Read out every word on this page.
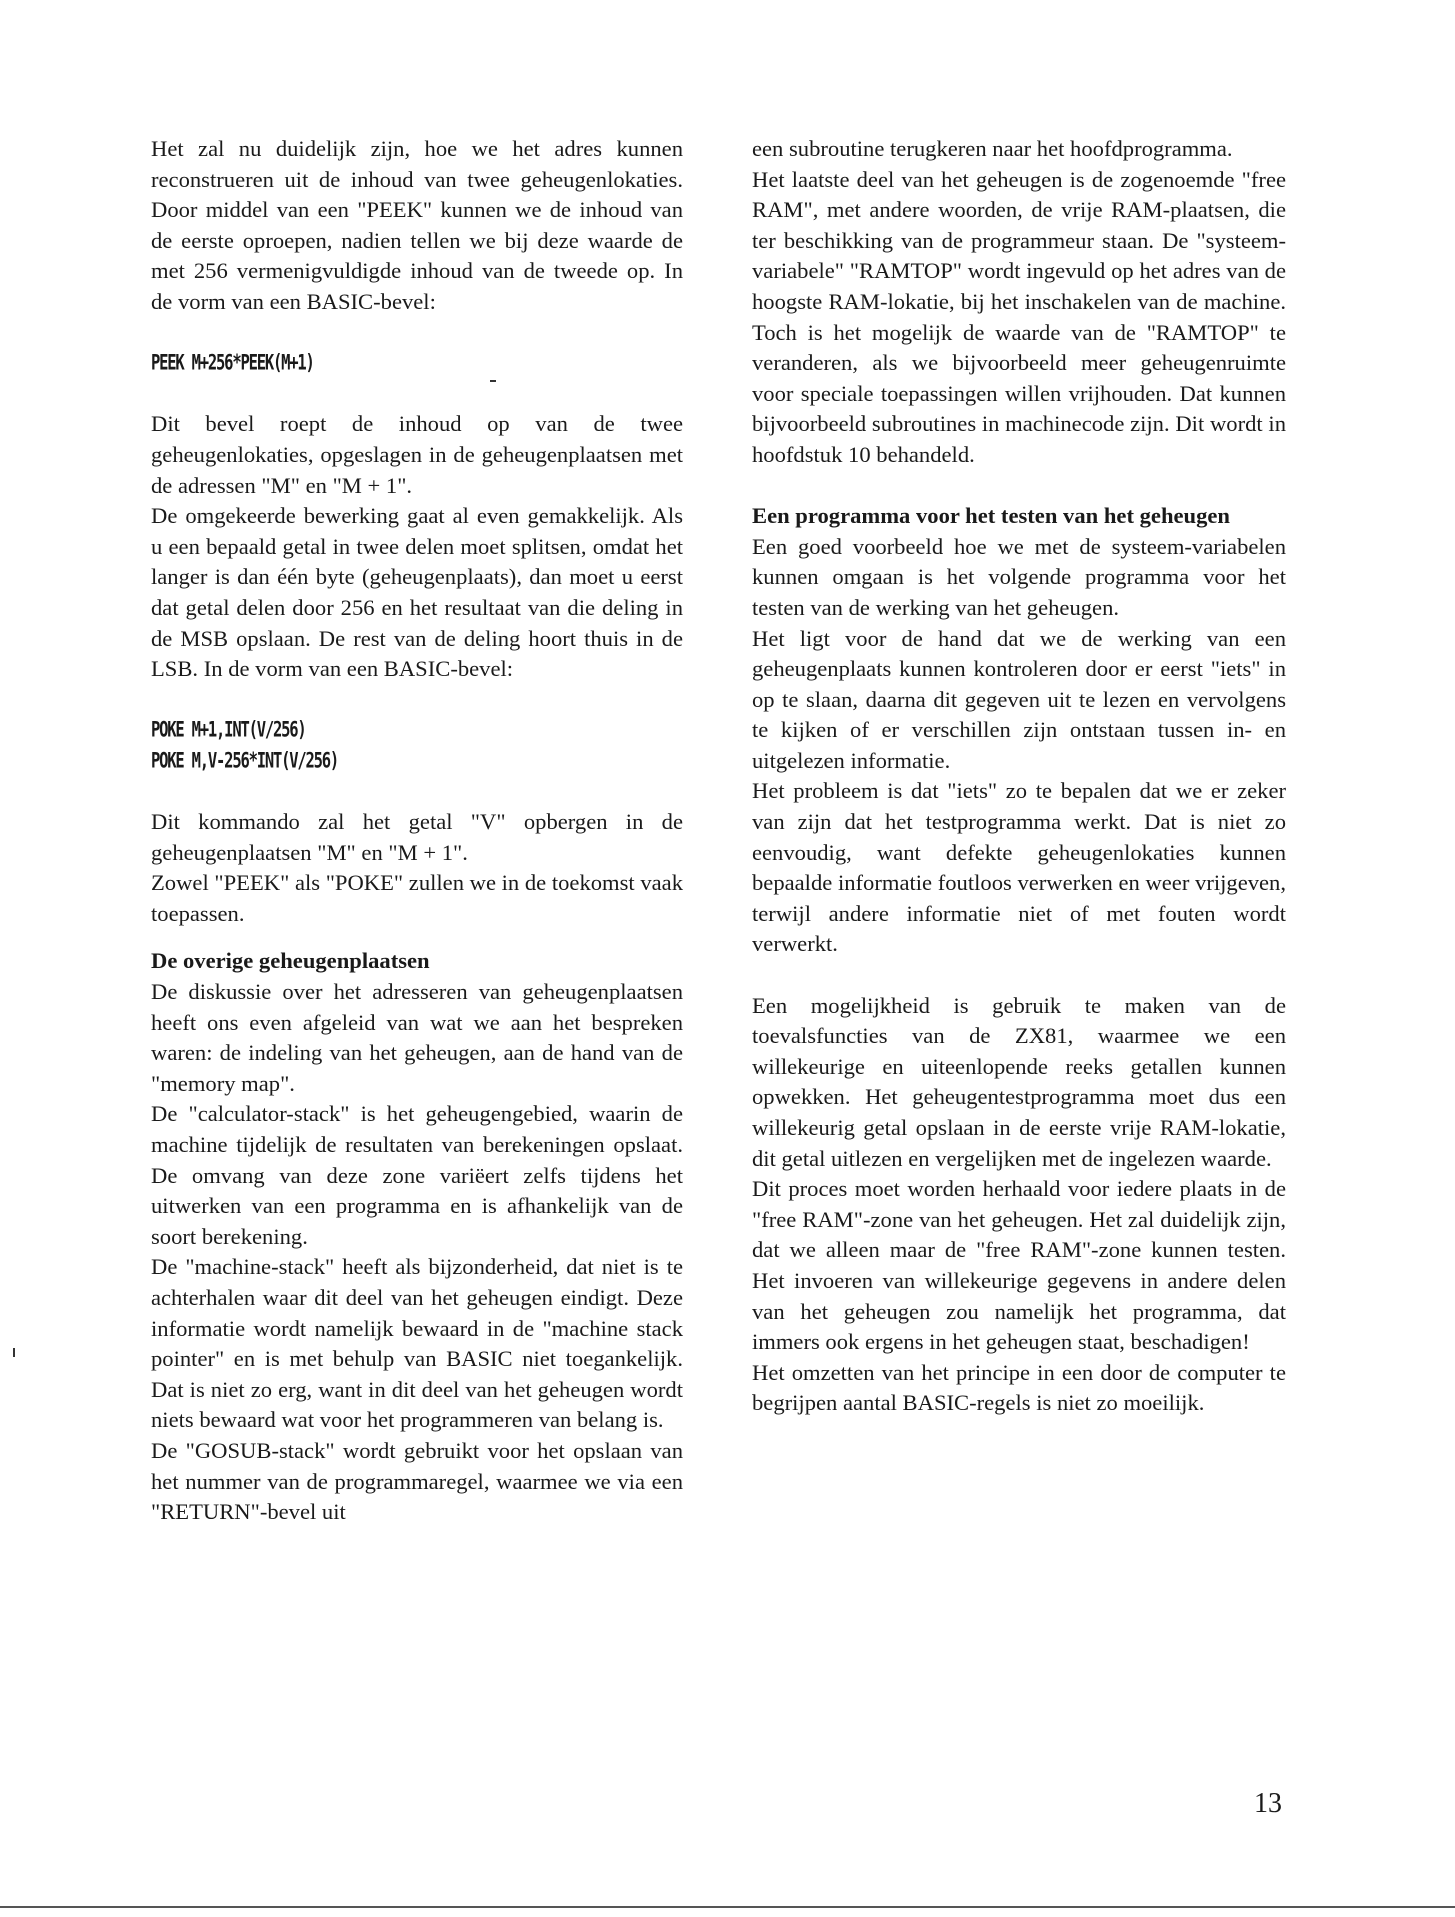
Het zal nu duidelijk zijn, hoe we het adres kunnen reconstrueren uit de inhoud van twee geheugenlokaties. Door middel van een "PEEK" kunnen we de inhoud van de eerste oproepen, nadien tellen we bij deze waarde de met 256 vermenigvuldigde inhoud van de tweede op. In de vorm van een BASIC-bevel:

PEEK M+256*PEEK(M+1)

Dit bevel roept de inhoud op van de twee geheugenlokaties, opgeslagen in de geheugenplaatsen met de adressen "M" en "M + 1".

De omgekeerde bewerking gaat al even gemakkelijk. Als u een bepaald getal in twee delen moet splitsen, omdat het langer is dan één byte (geheugenplaats), dan moet u eerst dat getal delen door 256 en het resultaat van die deling in de MSB opslaan. De rest van de deling hoort thuis in de LSB. In de vorm van een BASIC-bevel:

POKE M+1,INT(V/256)

POKE M,V-256*INT(V/256)

Dit kommando zal het getal "V" opbergen in de geheugenplaatsen "M" en "M + 1".

Zowel "PEEK" als "POKE" zullen we in de toekomst vaak toepassen.

De overige geheugenplaatsen

De diskussie over het adresseren van geheugenplaatsen heeft ons even afgeleid van wat we aan het bespreken waren: de indeling van het geheugen, aan de hand van de "memory map".

De "calculator-stack" is het geheugengebied, waarin de machine tijdelijk de resultaten van berekeningen opslaat. De omvang van deze zone variëert zelfs tijdens het uitwerken van een programma en is afhankelijk van de soort berekening.

De "machine-stack" heeft als bijzonderheid, dat niet is te achterhalen waar dit deel van het geheugen eindigt. Deze informatie wordt namelijk bewaard in de "machine stack pointer" en is met behulp van BASIC niet toegankelijk. Dat is niet zo erg, want in dit deel van het geheugen wordt niets bewaard wat voor het programmeren van belang is.

De "GOSUB-stack" wordt gebruikt voor het opslaan van het nummer van de programmaregel, waarmee we via een "RETURN"-bevel uit

een subroutine terugkeren naar het hoofdprogramma.

Het laatste deel van het geheugen is de zogenoemde "free RAM", met andere woorden, de vrije RAM-plaatsen, die ter beschikking van de programmeur staan. De "systeem-variabele" "RAMTOP" wordt ingevuld op het adres van de hoogste RAM-lokatie, bij het inschakelen van de machine. Toch is het mogelijk de waarde van de "RAMTOP" te veranderen, als we bijvoorbeeld meer geheugenruimte voor speciale toepassingen willen vrijhouden. Dat kunnen bijvoorbeeld subroutines in machinecode zijn. Dit wordt in hoofdstuk 10 behandeld.

Een programma voor het testen van het geheugen

Een goed voorbeeld hoe we met de systeem-variabelen kunnen omgaan is het volgende programma voor het testen van de werking van het geheugen.

Het ligt voor de hand dat we de werking van een geheugenplaats kunnen kontroleren door er eerst "iets" in op te slaan, daarna dit gegeven uit te lezen en vervolgens te kijken of er verschillen zijn ontstaan tussen in- en uitgelezen informatie.

Het probleem is dat "iets" zo te bepalen dat we er zeker van zijn dat het testprogramma werkt. Dat is niet zo eenvoudig, want defekte geheugenlokaties kunnen bepaalde informatie foutloos verwerken en weer vrijgeven, terwijl andere informatie niet of met fouten wordt verwerkt.

Een mogelijkheid is gebruik te maken van de toevalsfuncties van de ZX81, waarmee we een willekeurige en uiteenlopende reeks getallen kunnen opwekken. Het geheugentestprogramma moet dus een willekeurig getal opslaan in de eerste vrije RAM-lokatie, dit getal uitlezen en vergelijken met de ingelezen waarde.

Dit proces moet worden herhaald voor iedere plaats in de "free RAM"-zone van het geheugen. Het zal duidelijk zijn, dat we alleen maar de "free RAM"-zone kunnen testen. Het invoeren van willekeurige gegevens in andere delen van het geheugen zou namelijk het programma, dat immers ook ergens in het geheugen staat, beschadigen!

Het omzetten van het principe in een door de computer te begrijpen aantal BASIC-regels is niet zo moeilijk.

13
